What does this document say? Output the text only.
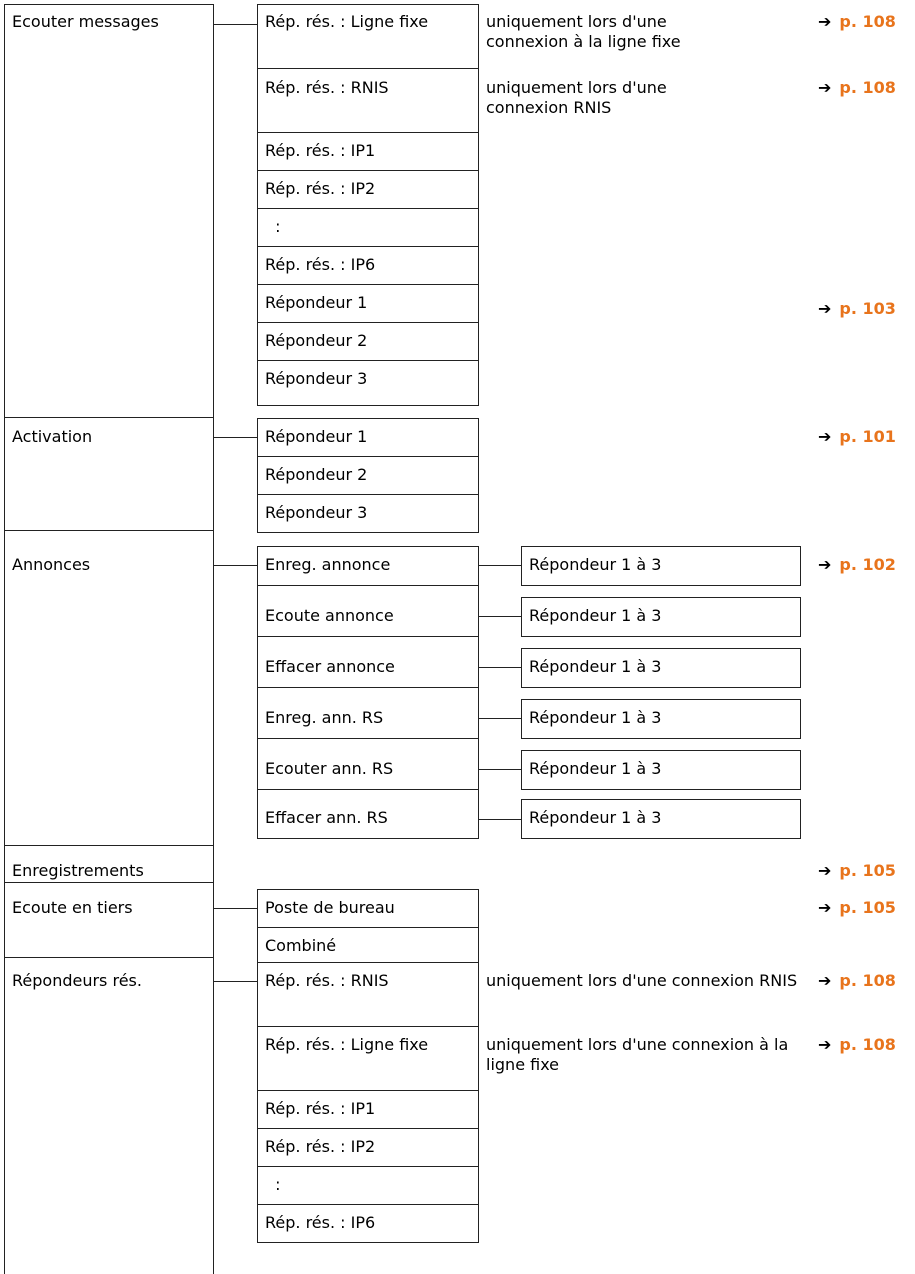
Ecouter messages
Activation
Annonces
Enregistrements
Ecoute en tiers
Répondeurs rés.
Rép. rés. : Ligne fixe
Rép. rés. : RNIS
Rép. rés. : IP1
Rép. rés. : IP2
:
Rép. rés. : IP6
Répondeur 1
Répondeur 2
Répondeur 3
uniquement lors d'une connexion à la ligne fixe
uniquement lors d'une connexion RNIS
➔ p. 108
➔ p. 108
➔ p. 103
Répondeur 1
Répondeur 2
Répondeur 3
➔ p. 101
Enreg. annonce
Ecoute annonce
Effacer annonce
Enreg. ann. RS
Ecouter ann. RS
Effacer ann. RS
Répondeur 1 à 3
Répondeur 1 à 3
Répondeur 1 à 3
Répondeur 1 à 3
Répondeur 1 à 3
Répondeur 1 à 3
➔ p. 102
➔ p. 105
Poste de bureau
Combiné
➔ p. 105
Rép. rés. : RNIS
Rép. rés. : Ligne fixe
Rép. rés. : IP1
Rép. rés. : IP2
:
Rép. rés. : IP6
uniquement lors d'une connexion RNIS
uniquement lors d'une connexion à la ligne fixe
➔ p. 108
➔ p. 108
